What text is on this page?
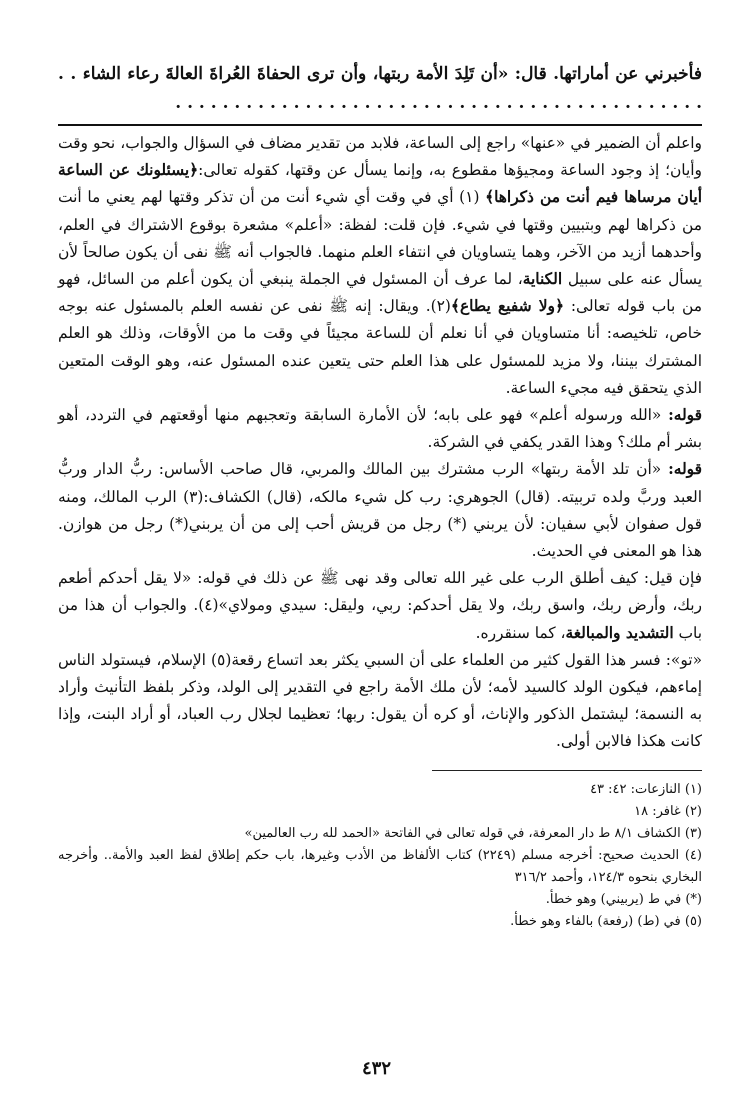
فأخبرني عن أماراتها. قال: «أن تَلِدَ الأمة ربتها، وأن ترى الحفاةَ العُراةَ العالةَ رعاء الشاء . . . . . . . . . . . . . . . . . . . . . . . . . . . . . . . . . . . . . . . . . . . . . . .

واعلم أن الضمير في «عنها» راجع إلى الساعة، فلابد من تقدير مضاف في السؤال والجواب، نحو وقت وأيان؛ إذ وجود الساعة ومجيؤها مقطوع به، وإنما يسأل عن وقتها، كقوله تعالى:﴿يسئلونك عن الساعة أيان مرساها فيم أنت من ذكراها﴾ (١) أي في وقت أي شيء أنت من أن تذكر وقتها لهم يعني ما أنت من ذكراها لهم وبتبيين وقتها في شيء. فإن قلت: لفظة: «أعلم» مشعرة بوقوع الاشتراك في العلم، وأحدهما أزيد من الآخر، وهما يتساويان في انتفاء العلم منهما. فالجواب أنه ﷺ نفى أن يكون صالحاً لأن يسأل عنه على سبيل الكناية، لما عرف أن المسئول في الجملة ينبغي أن يكون أعلم من السائل، فهو من باب قوله تعالى: ﴿ولا شفيع يطاع﴾(٢). ويقال: إنه ﷺ نفى عن نفسه العلم بالمسئول عنه بوجه خاص، تلخيصه: أنا متساويان في أنا نعلم أن للساعة مجيئاً في وقت ما من الأوقات، وذلك هو العلم المشترك بيننا، ولا مزيد للمسئول على هذا العلم حتى يتعين عنده المسئول عنه، وهو الوقت المتعين الذي يتحقق فيه مجيء الساعة.

قوله: «الله ورسوله أعلم» فهو على بابه؛ لأن الأمارة السابقة وتعجبهم منها أوقعتهم في التردد، أهو بشر أم ملك؟ وهذا القدر يكفي في الشركة.

قوله: «أن تلد الأمة ربتها» الرب مشترك بين المالك والمربي، قال صاحب الأساس: ربُّ الدار وربُّ العبد وربَّ ولده تربيته. (قال) الجوهري: رب كل شيء مالكه، (قال) الكشاف:(٣) الرب المالك، ومنه قول صفوان لأبي سفيان: لأن يربني (*) رجل من قريش أحب إلى من أن يربني(*) رجل من هوازن. هذا هو المعنى في الحديث.

فإن قيل: كيف أطلق الرب على غير الله تعالى وقد نهى ﷺ عن ذلك في قوله: «لا يقل أحدكم أطعم ربك، وأرض ربك، واسق ربك، ولا يقل أحدكم: ربي، وليقل: سيدي ومولاي»(٤). والجواب أن هذا من باب التشديد والمبالغة، كما سنقرره.

«تو»: فسر هذا القول كثير من العلماء على أن السبي يكثر بعد اتساع رقعة(٥) الإسلام، فيستولد الناس إماءهم، فيكون الولد كالسيد لأمه؛ لأن ملك الأمة راجع في التقدير إلى الولد، وذكر بلفظ التأنيث وأراد به النسمة؛ ليشتمل الذكور والإناث، أو كره أن يقول: ربها؛ تعظيما لجلال رب العباد، أو أراد البنت، وإذا كانت هكذا فالابن أولى.

(١) النازعات: ٤٢: ٤٣

(٢) غافر: ١٨

(٣) الكشاف ٨/١ ط دار المعرفة، في قوله تعالى في الفاتحة «الحمد لله رب العالمين»

(٤) الحديث صحيح: أخرجه مسلم (٢٢٤٩) كتاب الألفاظ من الأدب وغيرها، باب حكم إطلاق لفظ العبد والأمة.. وأخرجه البخاري بنحوه ١٢٤/٣، وأحمد ٣١٦/٢

(*) في ط (يربيني) وهو خطأ.

(٥) في (ط) (رفعة) بالفاء وهو خطأ.

٤٣٢
